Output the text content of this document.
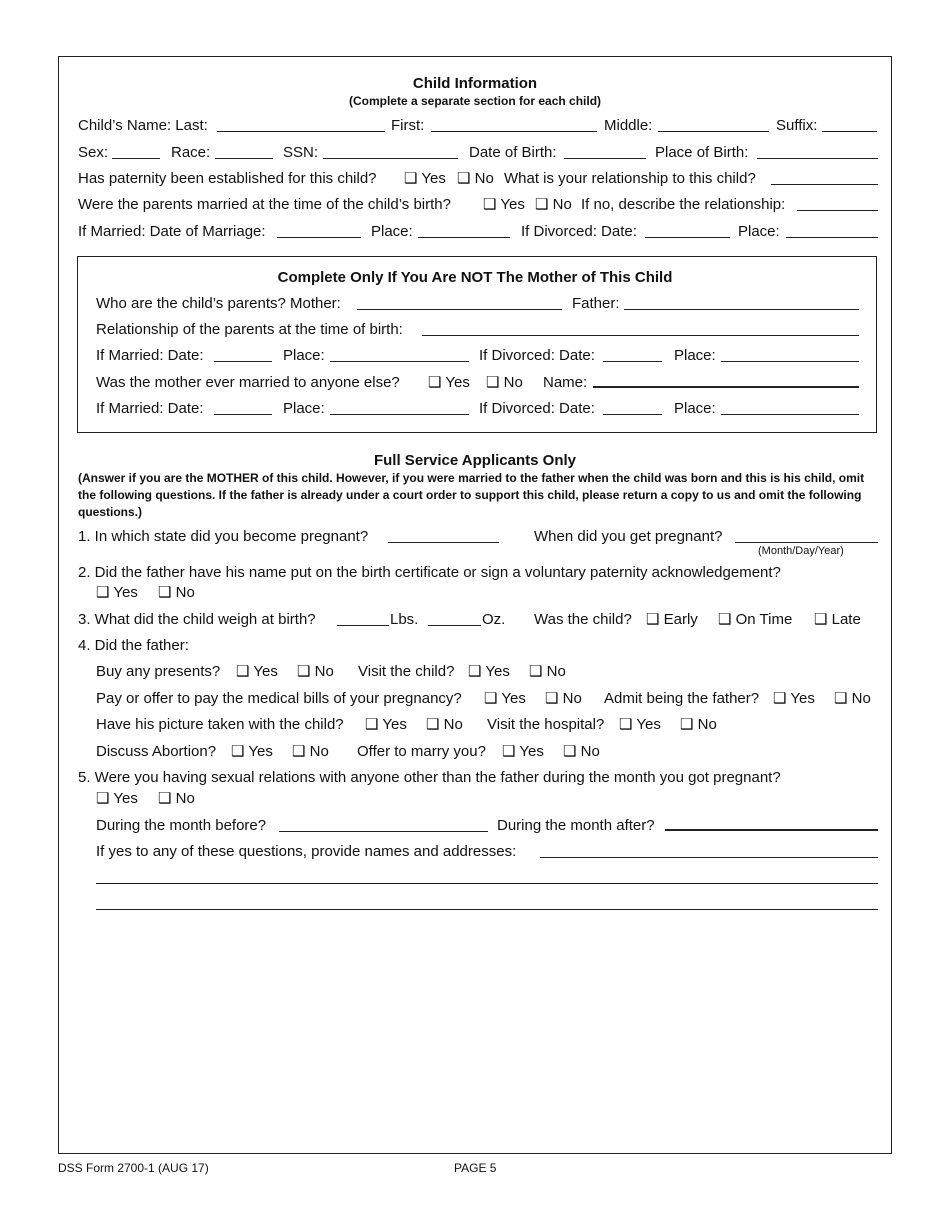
Child Information
(Complete a separate section for each child)
Child’s Name: Last:	First:	Middle:	Suffix:
Sex:	Race:	SSN:	Date of Birth:	Place of Birth:
Has paternity been established for this child? ❑ Yes ❑ No What is your relationship to this child?
Were the parents married at the time of the child’s birth? ❑ Yes ❑ No If no, describe the relationship:
If Married: Date of Marriage:	Place:	If Divorced: Date:	Place:
Complete Only If You Are NOT The Mother of This Child
Who are the child’s parents? Mother:	Father:
Relationship of the parents at the time of birth:
If Married: Date:	Place:	If Divorced: Date:	Place:
Was the mother ever married to anyone else? ❑ Yes ❑ No Name:
If Married: Date:	Place:	If Divorced: Date:	Place:
Full Service Applicants Only
(Answer if you are the MOTHER of this child. However, if you were married to the father when the child was born and this is his child, omit the following questions. If the father is already under a court order to support this child, please return a copy to us and omit the following questions.)
1. In which state did you become pregnant?	When did you get pregnant?
(Month/Day/Year)
2. Did the father have his name put on the birth certificate or sign a voluntary paternity acknowledgement?
❑ Yes ❑ No
3. What did the child weigh at birth?	Lbs.	Oz. Was the child? ❑ Early ❑ On Time ❑ Late
4. Did the father:
Buy any presents? ❑ Yes ❑ No Visit the child? ❑ Yes ❑ No
Pay or offer to pay the medical bills of your pregnancy? ❑ Yes ❑ No Admit being the father? ❑ Yes ❑ No
Have his picture taken with the child? ❑ Yes ❑ No Visit the hospital? ❑ Yes ❑ No
Discuss Abortion? ❑ Yes ❑ No Offer to marry you? ❑ Yes ❑ No
5. Were you having sexual relations with anyone other than the father during the month you got pregnant?
❑ Yes ❑ No
During the month before?	During the month after?
If yes to any of these questions, provide names and addresses:
DSS Form 2700-1 (AUG 17)	PAGE 5
